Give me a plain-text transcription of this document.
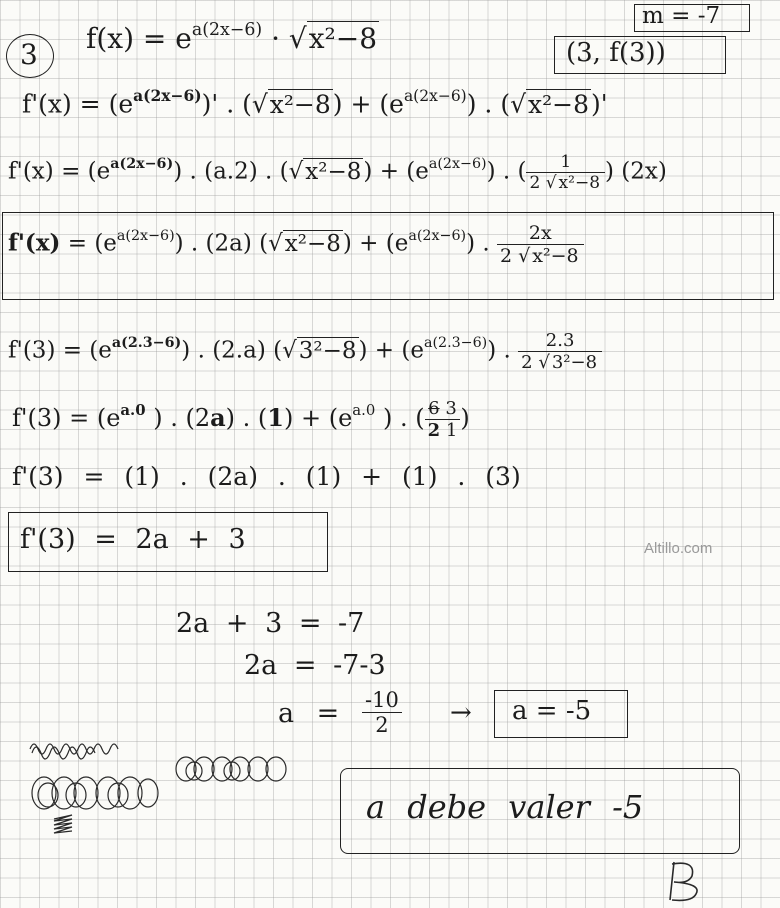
3 $f(x) = e^{a(2x-6)} \cdot √x^2-8$
m = -7
(3, f(3))
$f'(x) = (e^{a(2x-6)})'$ . $(√x^2-8) + (e^{a(2x-6)})$ . (√x²−8)'
$f'(x) = (e^{a(2x-6)})$ . (a.2) . $(√x^2-8) + (e^{a(2x-6)})$ . ( $\frac{1}{\text{2 √ x²−8}}$ ) (2x)
$f'(x) = (e^{a(2x-6)})$ . (2a) $(√x^2-8) + (e^{a(2x-6)})$ . $\frac{2x}{\text{2 √ x²−8}}$
$f'(3) = (e^{a(2.3-6)})$ . (2.a) $(√3^2-8) + (e^{a(2.3-6)})$ . $\frac{2.3}{\text{2 √ 3²−8}}$
$f'(3) = (e^{a.0}$ ) . (2a) . $(1) + (e^{a.0}$ ) . ( $\frac{6 3}{2 1}$ )
f'(3) = (1) . (2a) . (1) + (1) . (3)
f'(3) = 2a + 3	Altillo.com
2a + 3 = -7
2a = -7-3
$a = \frac{-10}{2} \to a = -5$
a debe valer -5
